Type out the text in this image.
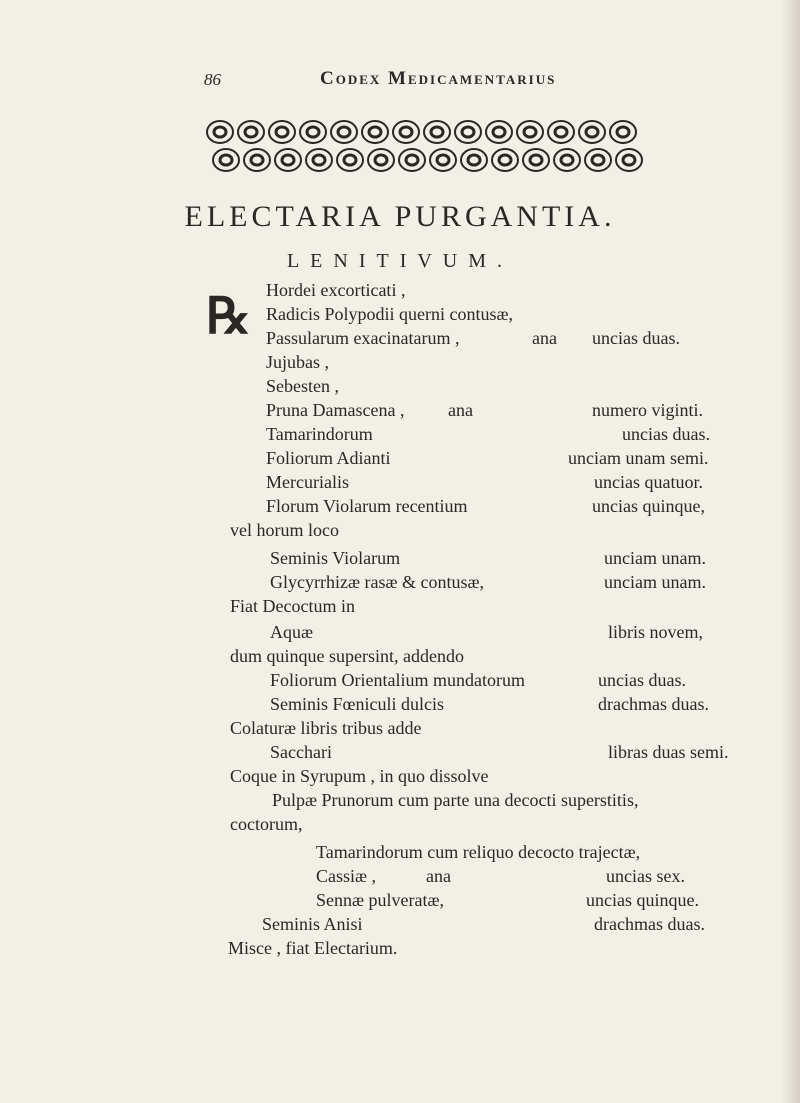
86	Codex Medicamentarius
ELECTARIA PURGANTIA.
LENITIVUM.
℞ Hordei excorticati ,
Radicis Polypodii querni contusæ,
Passularum exacinatarum ,	ana uncias duas.
Jujubas ,
Sebesten ,
Pruna Damascena , ana	numero viginti.
Tamarindorum	uncias duas.
Foliorum Adianti	unciam unam semi.
Mercurialis	uncias quatuor.
Florum Violarum recentium	uncias quinque,
vel horum loco
Seminis Violarum	unciam unam.
Glycyrrhizæ rasæ & contusæ,	unciam unam.
Fiat Decoctum in
Aquæ	libris novem,
dum quinque supersint, addendo
Foliorum Orientalium mundatorum	uncias duas.
Seminis Fœniculi dulcis	drachmas duas.
Colaturæ libris tribus adde
Sacchari	libras duas semi.
Coque in Syrupum , in quo dissolve
Pulpæ Prunorum cum parte una decocti superstitis,
coctorum,
Tamarindorum cum reliquo decocto trajectæ,
Cassiæ ,	ana	uncias sex.
Sennæ pulveratæ,	uncias quinque.
Seminis Anisi	drachmas duas.
Miscе , fiat Electarium.
